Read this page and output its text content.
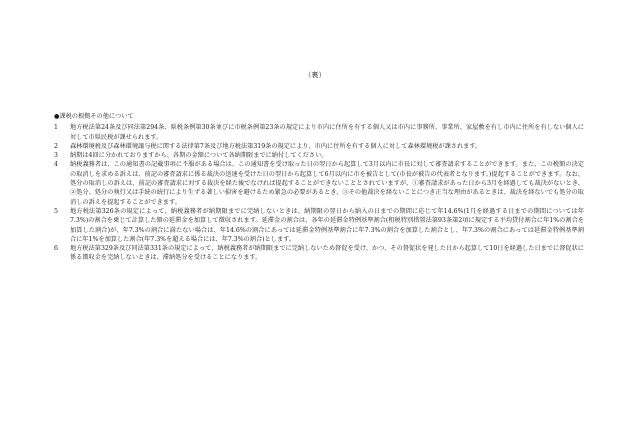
（裏）

●課税の根拠その他について

1 地方税法第24条及び同法第294条、県税条例第30条並びに市税条例第23条の規定により市内に住所を有する個人又は市内に事務所、事業所、家屋敷を有し市内に住所を有しない個人に対して市県民税が課せられます。

2 森林環境税及び森林環境譲与税に関する法律第7条及び地方税法第319条の規定により、市内に住所を有する個人に対して森林環境税が課されます。

3 納期は4回に分かれておりますから、各期の金額について各納期限までに納付してください。

4 納税義務者は、この通知書の記載事項に不服がある場合は、この通知書を受け取った日の翌日から起算して3月以内に市長に対して審査請求することができます。また、この税額の決定の取消しを求める訴えは、前記の審査請求に係る裁決の送達を受けた日の翌日から起算して6月以内に市を被告として(市長が被告の代表者となります。)提起することができます。なお、処分の取消しの訴えは、前記の審査請求に対する裁決を経た後でなければ提起することができないこととされていますが、①審査請求があった日から3月を経過しても裁決がないとき、②処分、処分の執行又は手続の続行により生ずる著しい損害を避けるため緊急の必要があるとき、③その他裁決を経ないことにつき正当な理由があるときは、裁決を経ないでも処分の取消しの訴えを提起することができます。

5 地方税法第326条の規定によって、納税義務者が納期限までに完納しないときは、納期限の翌日から納入の日までの期間に応じて年14.6%(1月を経過する日までの期間については年7.3%)の割合を乗じて計算した額の延滞金を加算して徴収されます。延滞金の割合は、各年の延滞金特例基準割合(租税特別措置法第93条第2項に規定する平均貸付割合に年1%の割合を加算した割合)が、年7.3%の割合に満たない場合は、年14.6%の割合にあっては延滞金特例基準割合に年7.3%の割合を加算した割合とし、年7.3%の割合にあっては延滞金特例基準割合に年1%を加算した割合(年7.3%を超える場合には、年7.3%の割合)とします。

6 地方税法第329条及び同法第331条の規定によって、納税義務者が納期限までに完納しないため督促を受け、かつ、その督促状を発した日から起算して10日を経過した日までに督促状に係る徴収金を完納しないときは、滞納処分を受けることになります。
